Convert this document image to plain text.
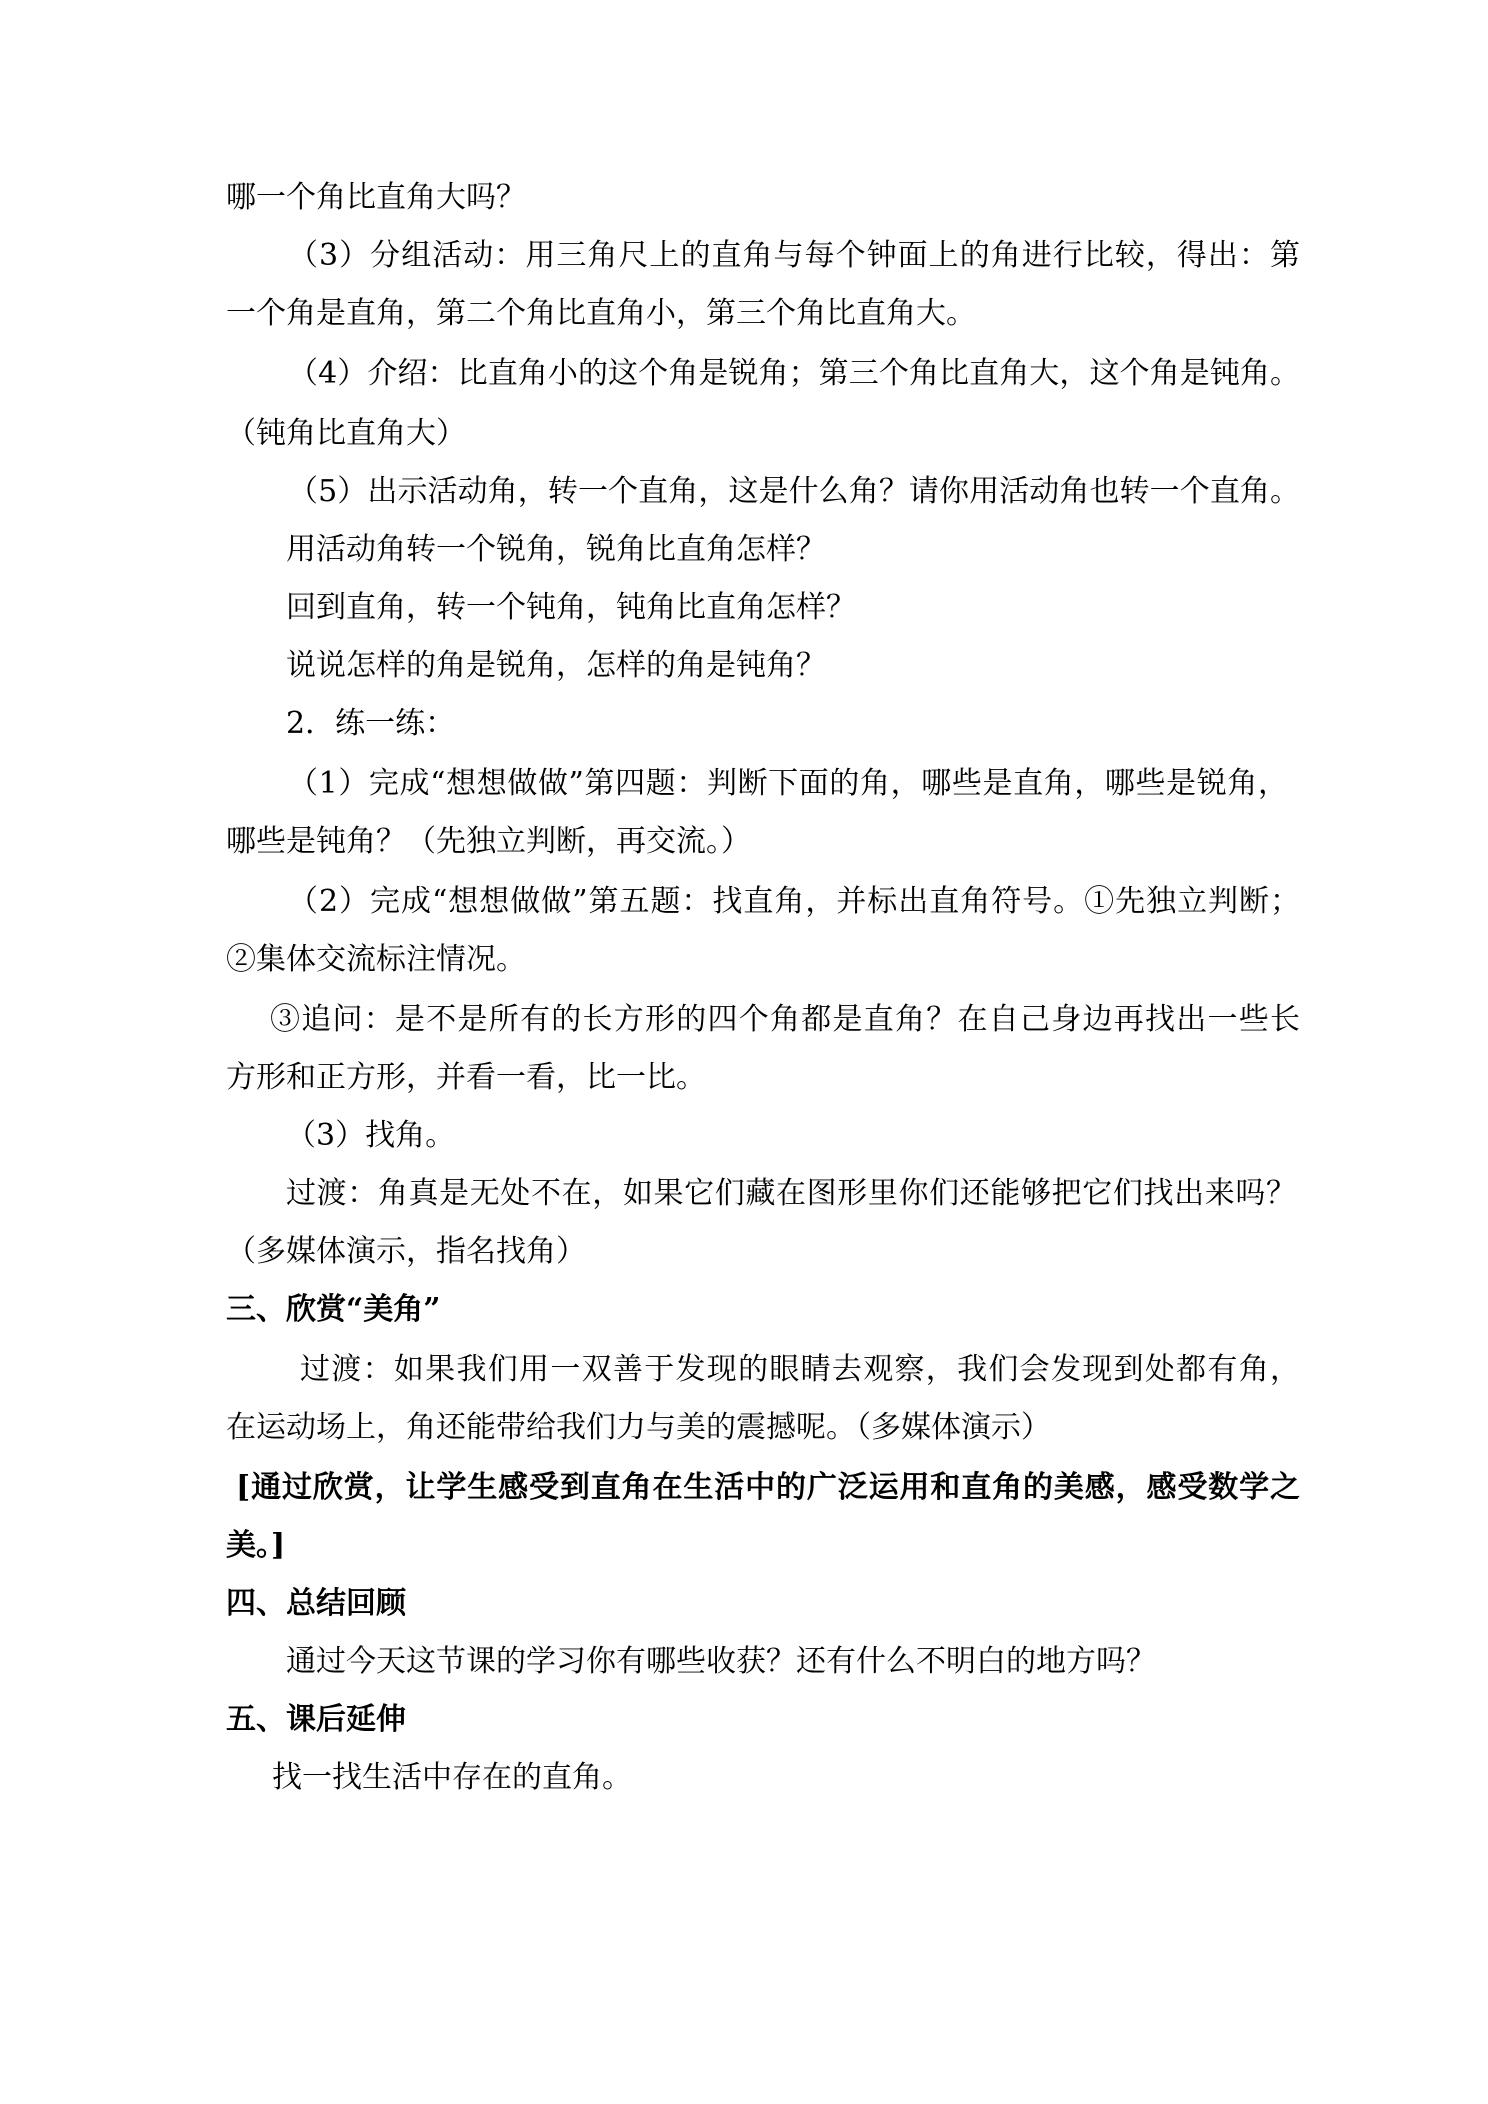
哪一个角比直角大吗？
（3）分组活动：用三角尺上的直角与每个钟面上的角进行比较，得出：第
一个角是直角，第二个角比直角小，第三个角比直角大。
（4）介绍：比直角小的这个角是锐角；第三个角比直角大，这个角是钝角。
（钝角比直角大）
（5）出示活动角，转一个直角，这是什么角？请你用活动角也转一个直角。
用活动角转一个锐角，锐角比直角怎样？
回到直角，转一个钝角，钝角比直角怎样？
说说怎样的角是锐角，怎样的角是钝角？
2．练一练：
（1）完成“想想做做”第四题：判断下面的角，哪些是直角，哪些是锐角，
哪些是钝角？（先独立判断，再交流。）
（2）完成“想想做做”第五题：找直角，并标出直角符号。①先独立判断；
②集体交流标注情况。
③追问：是不是所有的长方形的四个角都是直角？在自己身边再找出一些长
方形和正方形，并看一看，比一比。
（3）找角。
过渡：角真是无处不在，如果它们藏在图形里你们还能够把它们找出来吗？
（多媒体演示，指名找角）
三、欣赏“美角”
过渡：如果我们用一双善于发现的眼睛去观察，我们会发现到处都有角，
在运动场上，角还能带给我们力与美的震撼呢。（多媒体演示）
[通过欣赏，让学生感受到直角在生活中的广泛运用和直角的美感，感受数学之
美。]
四、总结回顾
通过今天这节课的学习你有哪些收获？还有什么不明白的地方吗？
五、课后延伸
找一找生活中存在的直角。
